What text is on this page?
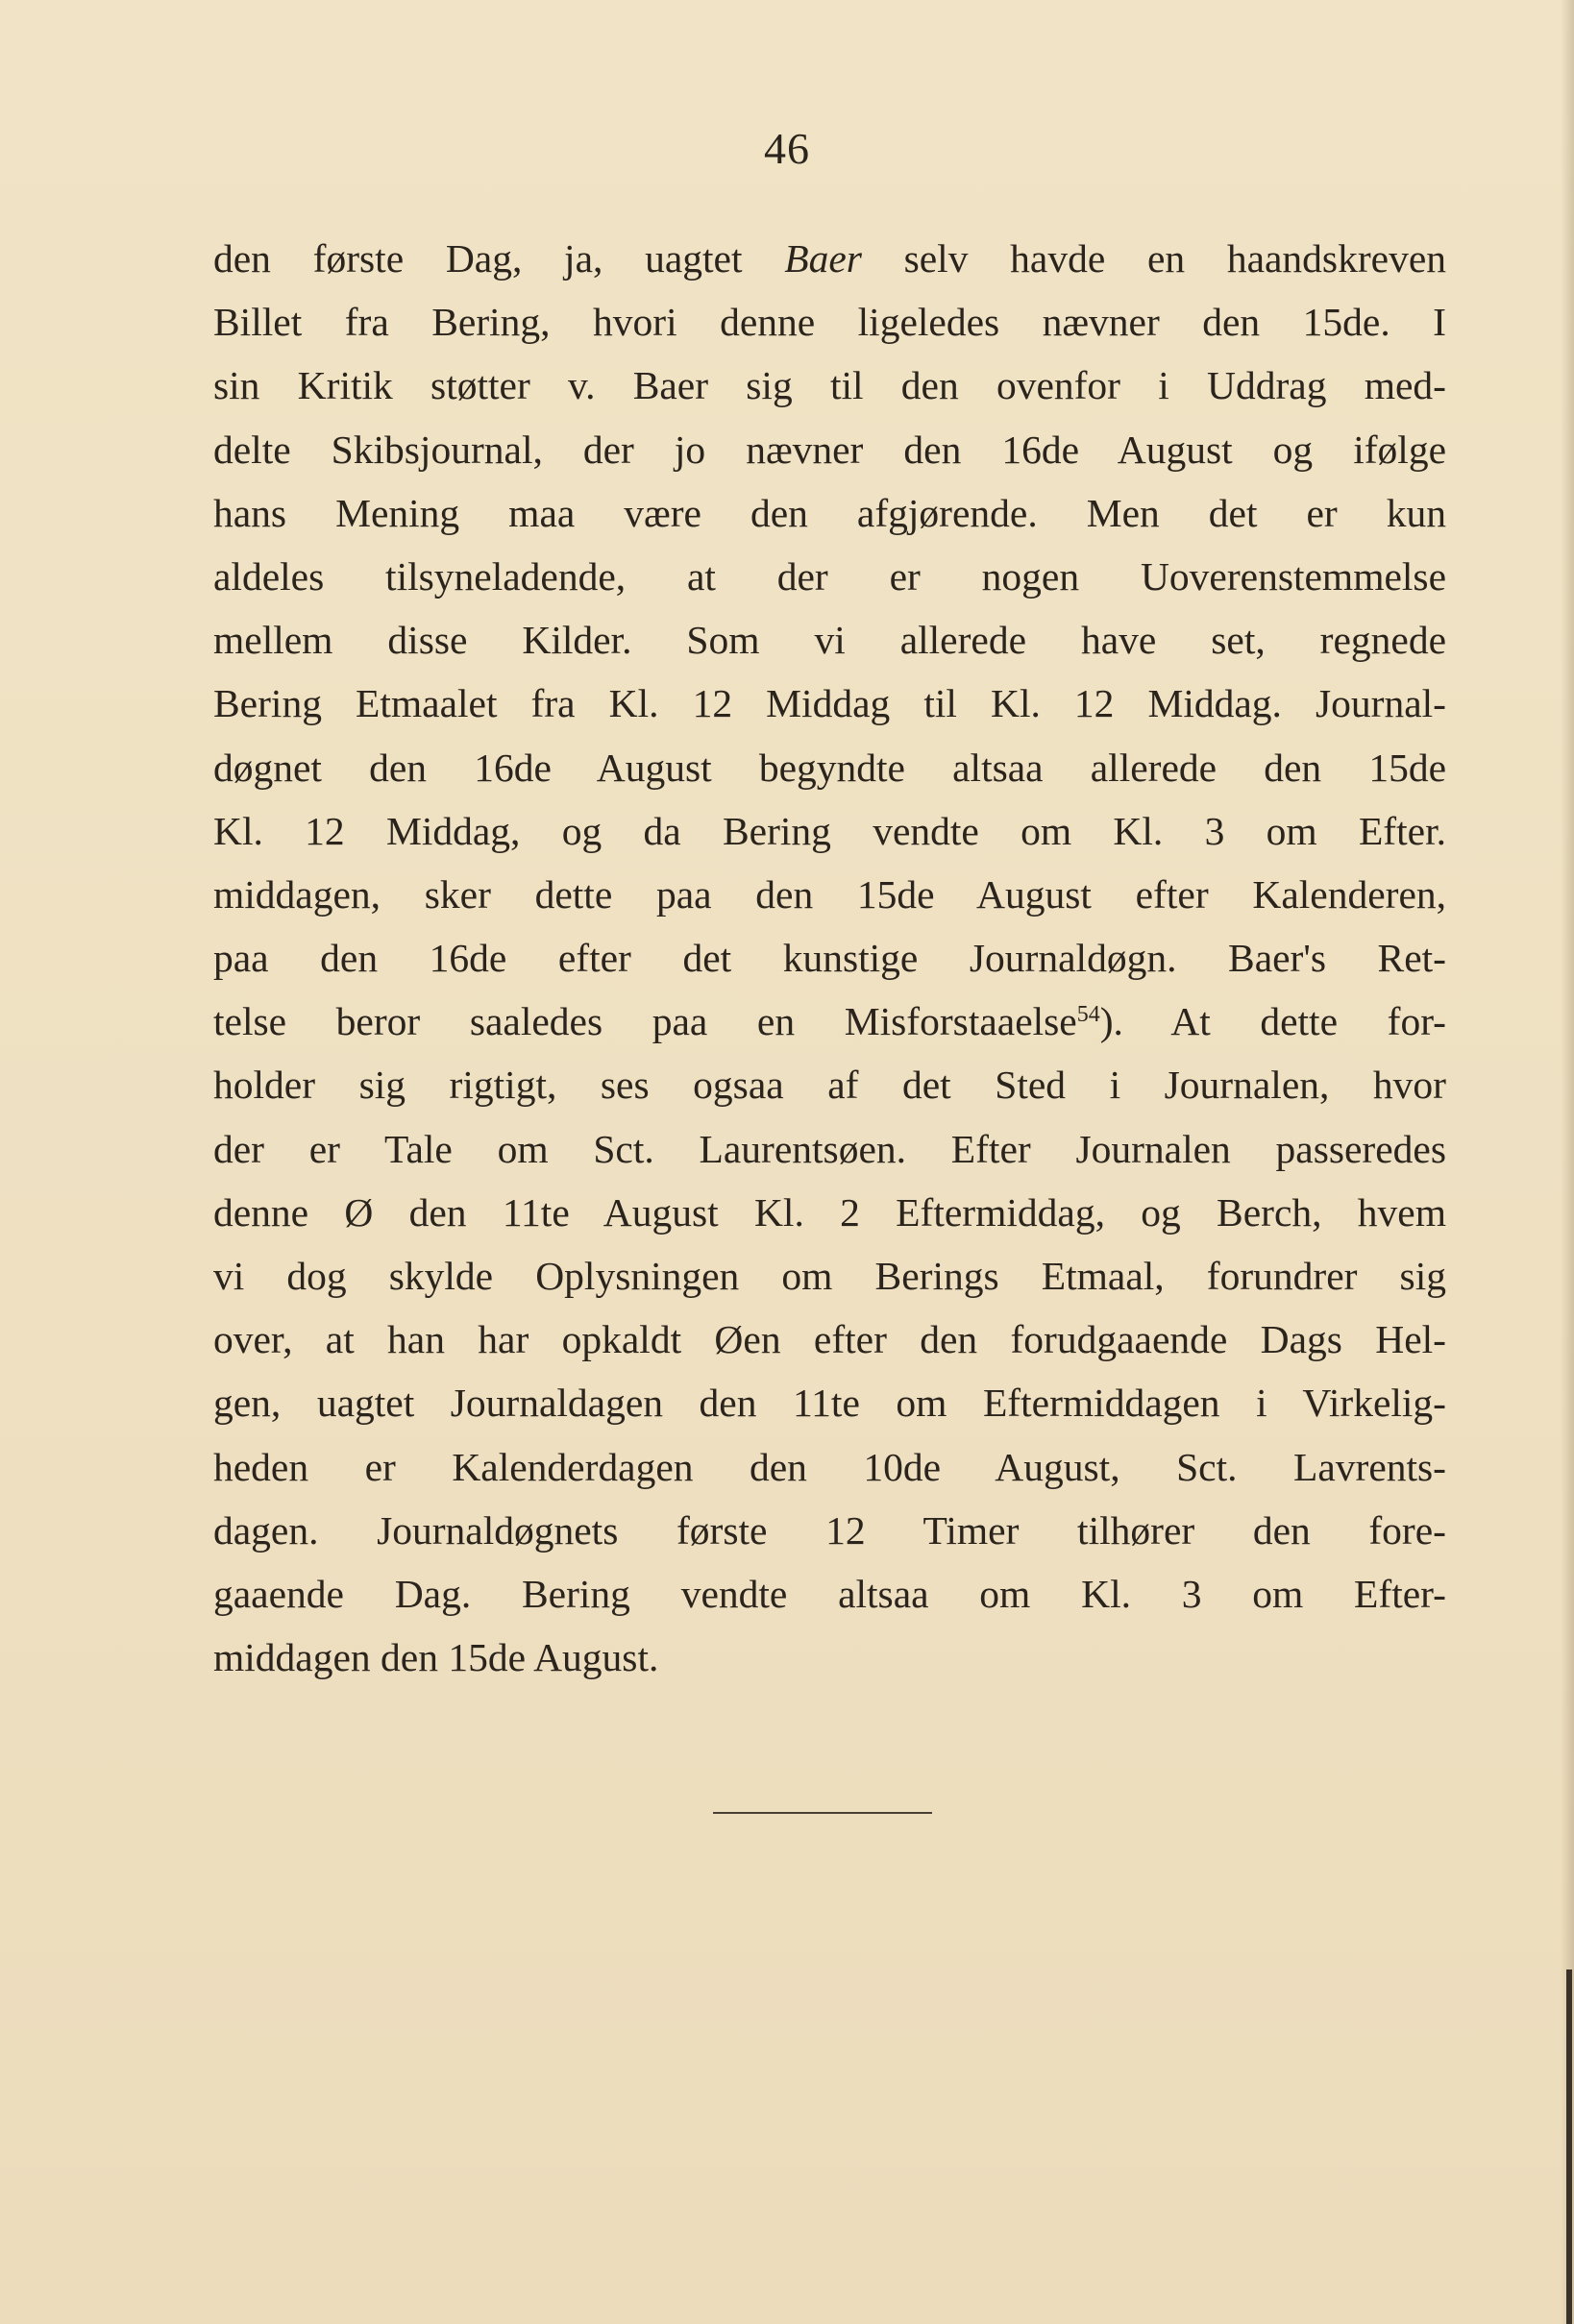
46
den første Dag, ja, uagtet Baer selv havde en haandskreven
Billet fra Bering, hvori denne ligeledes nævner den 15de. I
sin Kritik støtter v. Baer sig til den ovenfor i Uddrag med-
delte Skibsjournal, der jo nævner den 16de August og ifølge
hans Mening maa være den afgjørende. Men det er kun
aldeles tilsyneladende, at der er nogen Uoverenstemmelse
mellem disse Kilder. Som vi allerede have set, regnede
Bering Etmaalet fra Kl. 12 Middag til Kl. 12 Middag. Journal-
døgnet den 16de August begyndte altsaa allerede den 15de
Kl. 12 Middag, og da Bering vendte om Kl. 3 om Efter.
middagen, sker dette paa den 15de August efter Kalenderen,
paa den 16de efter det kunstige Journaldøgn. Baer's Ret-
telse beror saaledes paa en Misforstaaelse$^{54}$). At dette for-
holder sig rigtigt, ses ogsaa af det Sted i Journalen, hvor
der er Tale om Sct. Laurentsøen. Efter Journalen passeredes
denne Ø den 11te August Kl. 2 Eftermiddag, og Berch, hvem
vi dog skylde Oplysningen om Berings Etmaal, forundrer sig
over, at han har opkaldt Øen efter den forudgaaende Dags Hel-
gen, uagtet Journaldagen den 11te om Eftermiddagen i Virkelig-
heden er Kalenderdagen den 10de August, Sct. Lavrents-
dagen. Journaldøgnets første 12 Timer tilhører den fore-
gaaende Dag. Bering vendte altsaa om Kl. 3 om Efter-
middagen den 15de August.
